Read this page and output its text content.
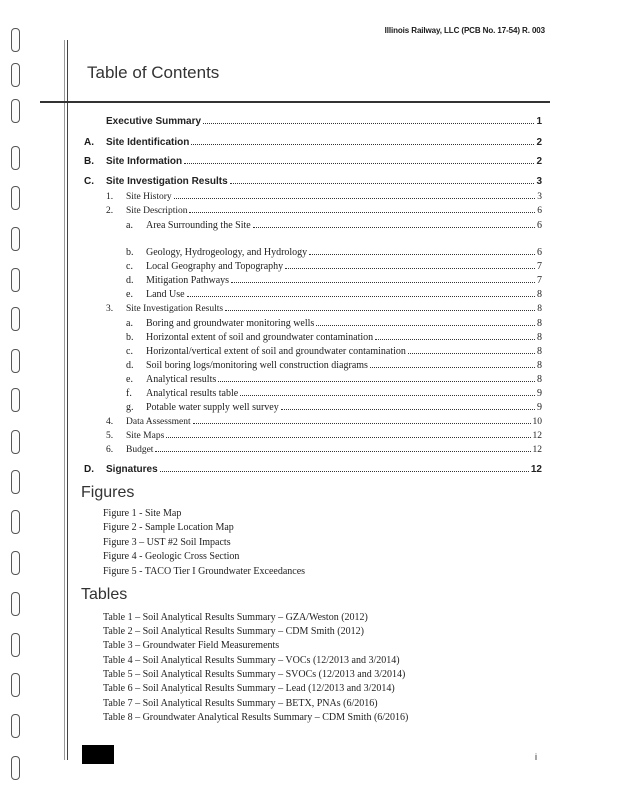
Illinois Railway, LLC (PCB No. 17-54) R. 003
Table of Contents
Executive Summary	1
A. Site Identification	2
B. Site Information	2
C. Site Investigation Results	3
1. Site History	3
2. Site Description	6
a. Area Surrounding the Site	6
b. Geology, Hydrogeology, and Hydrology	6
c. Local Geography and Topography	7
d. Mitigation Pathways	7
e. Land Use	8
3. Site Investigation Results	8
a. Boring and groundwater monitoring wells	8
b. Horizontal extent of soil and groundwater contamination	8
c. Horizontal/vertical extent of soil and groundwater contamination	8
d. Soil boring logs/monitoring well construction diagrams	8
e. Analytical results	8
f. Analytical results table	9
g. Potable water supply well survey	9
4. Data Assessment	10
5. Site Maps	12
6. Budget	12
D. Signatures	12
Figures
Figure 1 - Site Map
Figure 2 - Sample Location Map
Figure 3 – UST #2 Soil Impacts
Figure 4 - Geologic Cross Section
Figure 5 - TACO Tier I Groundwater Exceedances
Tables
Table 1 – Soil Analytical Results Summary – GZA/Weston (2012)
Table 2 – Soil Analytical Results Summary – CDM Smith (2012)
Table 3 – Groundwater Field Measurements
Table 4 – Soil Analytical Results Summary – VOCs (12/2013 and 3/2014)
Table 5 – Soil Analytical Results Summary – SVOCs (12/2013 and 3/2014)
Table 6 – Soil Analytical Results Summary – Lead (12/2013 and 3/2014)
Table 7 – Soil Analytical Results Summary – BETX, PNAs (6/2016)
Table 8 – Groundwater Analytical Results Summary – CDM Smith (6/2016)
i
